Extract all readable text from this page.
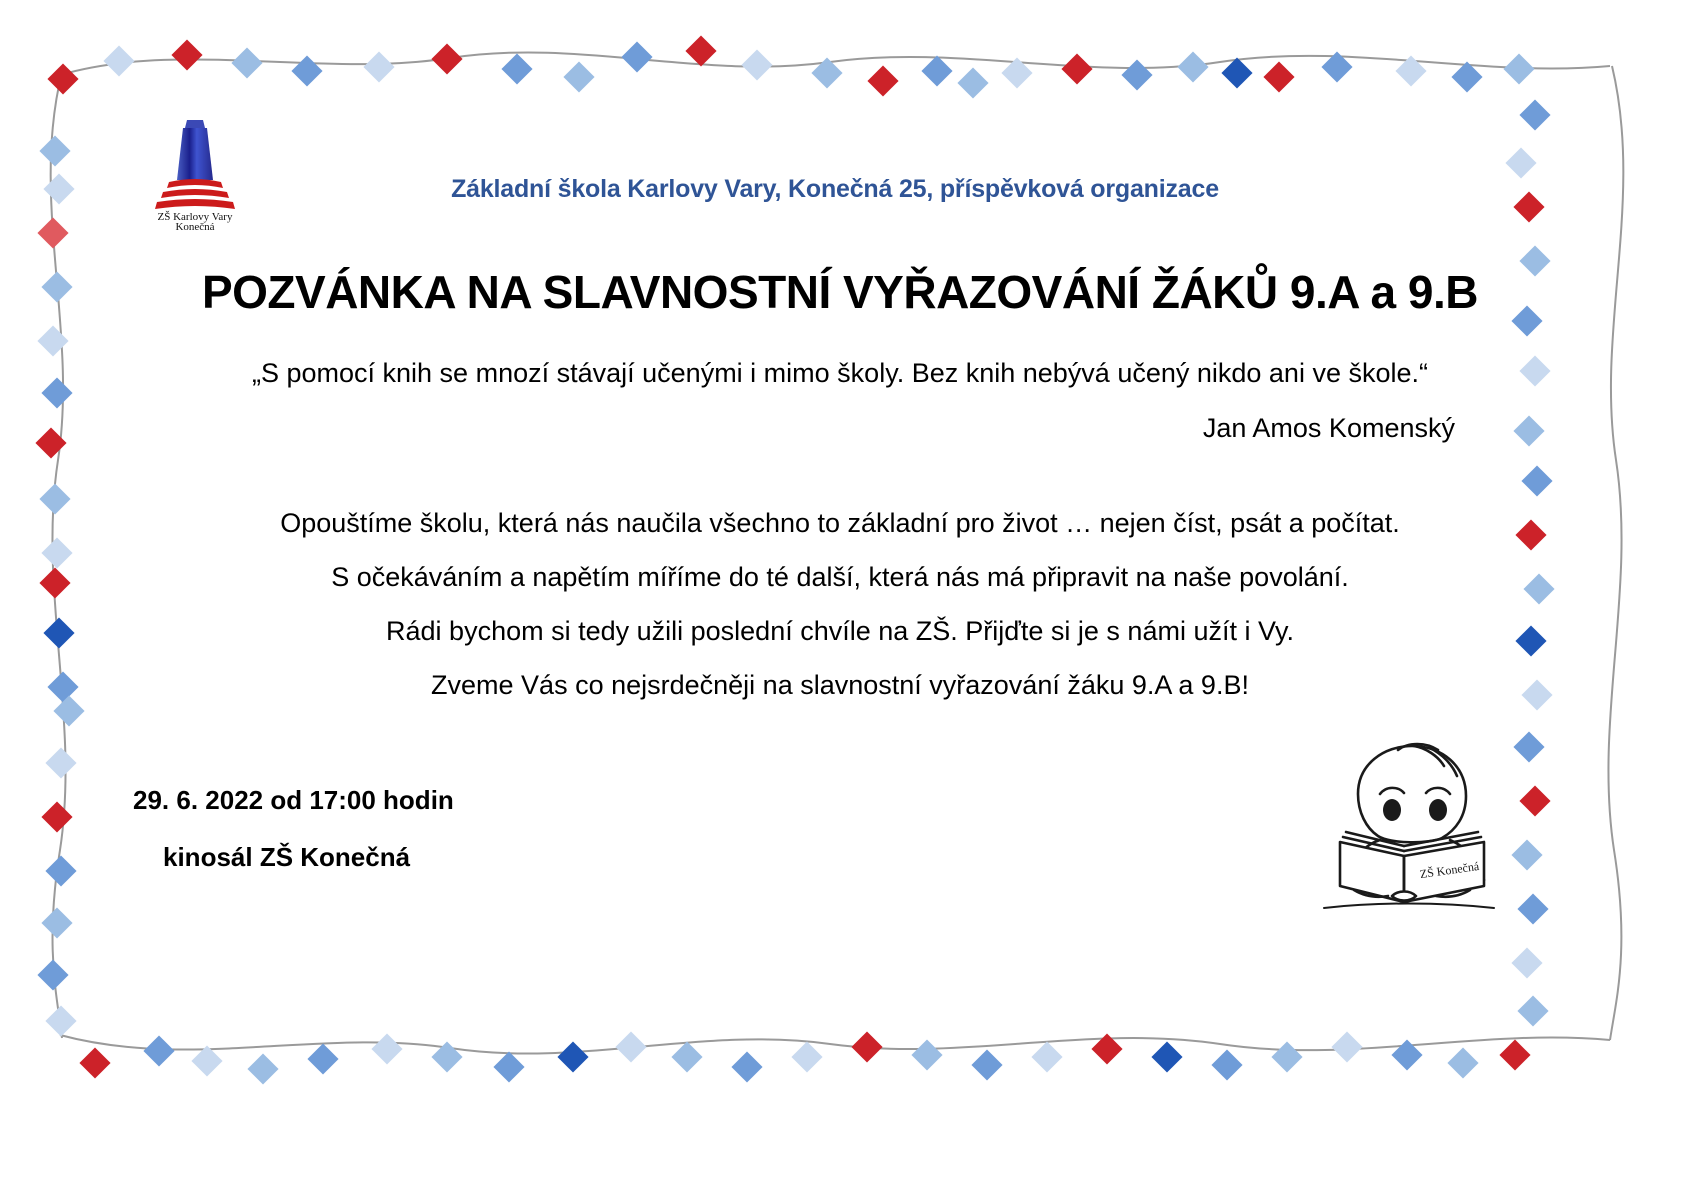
ZŠ Karlovy Vary
Konečná
Základní škola Karlovy Vary, Konečná 25, příspěvková organizace
POZVÁNKA NA SLAVNOSTNÍ VYŘAZOVÁNÍ ŽÁKŮ 9.A a 9.B
„S pomocí knih se mnozí stávají učenými i mimo školy. Bez knih nebývá učený nikdo ani ve škole.“
Jan Amos Komenský
Opouštíme školu, která nás naučila všechno to základní pro život … nejen číst, psát a počítat.
S očekáváním a napětím míříme do té další, která nás má připravit na naše povolání.
Rádi bychom si tedy užili poslední chvíle na ZŠ. Přijďte si je s námi užít i Vy.
Zveme Vás co nejsrdečněji na slavnostní vyřazování žáku 9.A a 9.B!
29. 6. 2022 od 17:00 hodin
kinosál ZŠ Konečná	ZŠ Konečná
